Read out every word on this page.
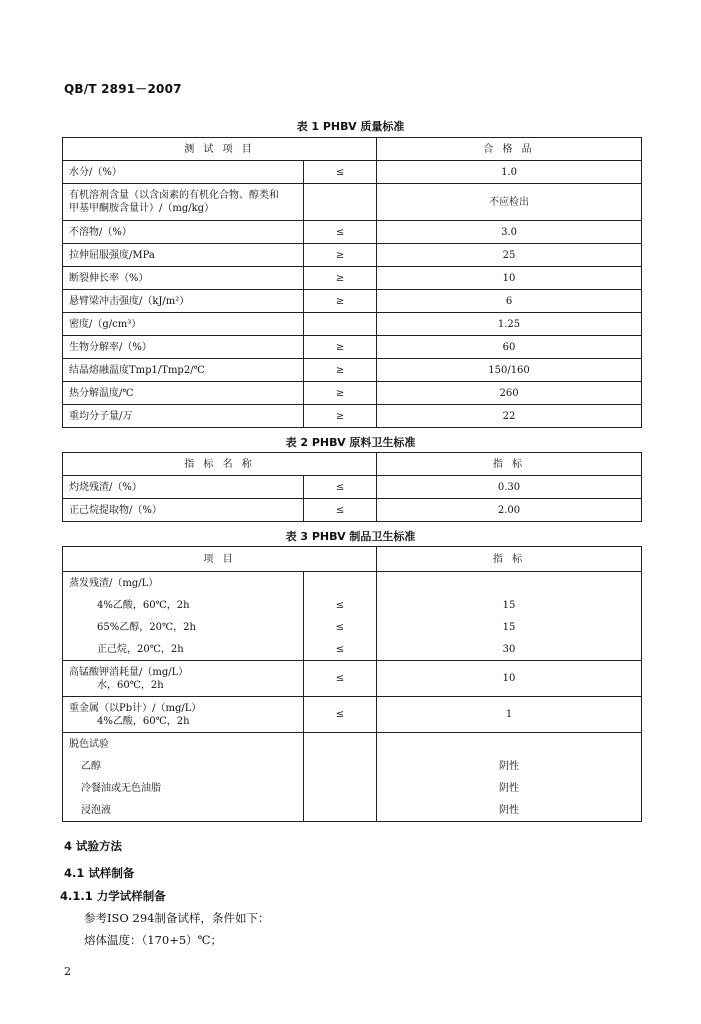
QB/T 2891－2007
表 1 PHBV 质量标准
测 试 项 目		合 格 品
水分/（%）	≤	1.0

有机溶剂含量（以含卤素的有机化合物、醇类和
甲基甲酮胺含量计）/（mg/kg）		不应检出
不溶物/（%）	≤	3.0
拉伸屈服强度/MPa	≥	25
断裂伸长率（%）	≥	10
悬臂梁冲击强度/（kJ/m²）	≥	6
密度/（g/cm³）		1.25
生物分解率/（%）	≥	60
结晶熔融温度Tmp1/Tmp2/℃	≥	150/160
热分解温度/℃	≥	260
重均分子量/万	≥	22
表 2 PHBV 原料卫生标准
指 标 名 称		指 标
灼烧残渣/（%）	≤	0.30
正己烷提取物/（%）	≤	2.00
表 3 PHBV 制品卫生标准
项 目		指 标
蒸发残渣/（mg/L）		
4%乙酸，60℃，2h	≤	15
65%乙醇，20℃，2h	≤	15
正己烷，20℃，2h	≤	30

高锰酸钾消耗量/（mg/L）
水，60℃，2h	≤	10

重金属（以Pb计）/（mg/L）
4%乙酸，60℃，2h	≤	1
脱色试验		
乙醇		阴性
冷餐油或无色油脂		阴性
浸泡液		阴性
4 试验方法
4.1 试样制备
4.1.1 力学试样制备
参考ISO 294制备试样，条件如下：
熔体温度：（170+5）℃；
2
